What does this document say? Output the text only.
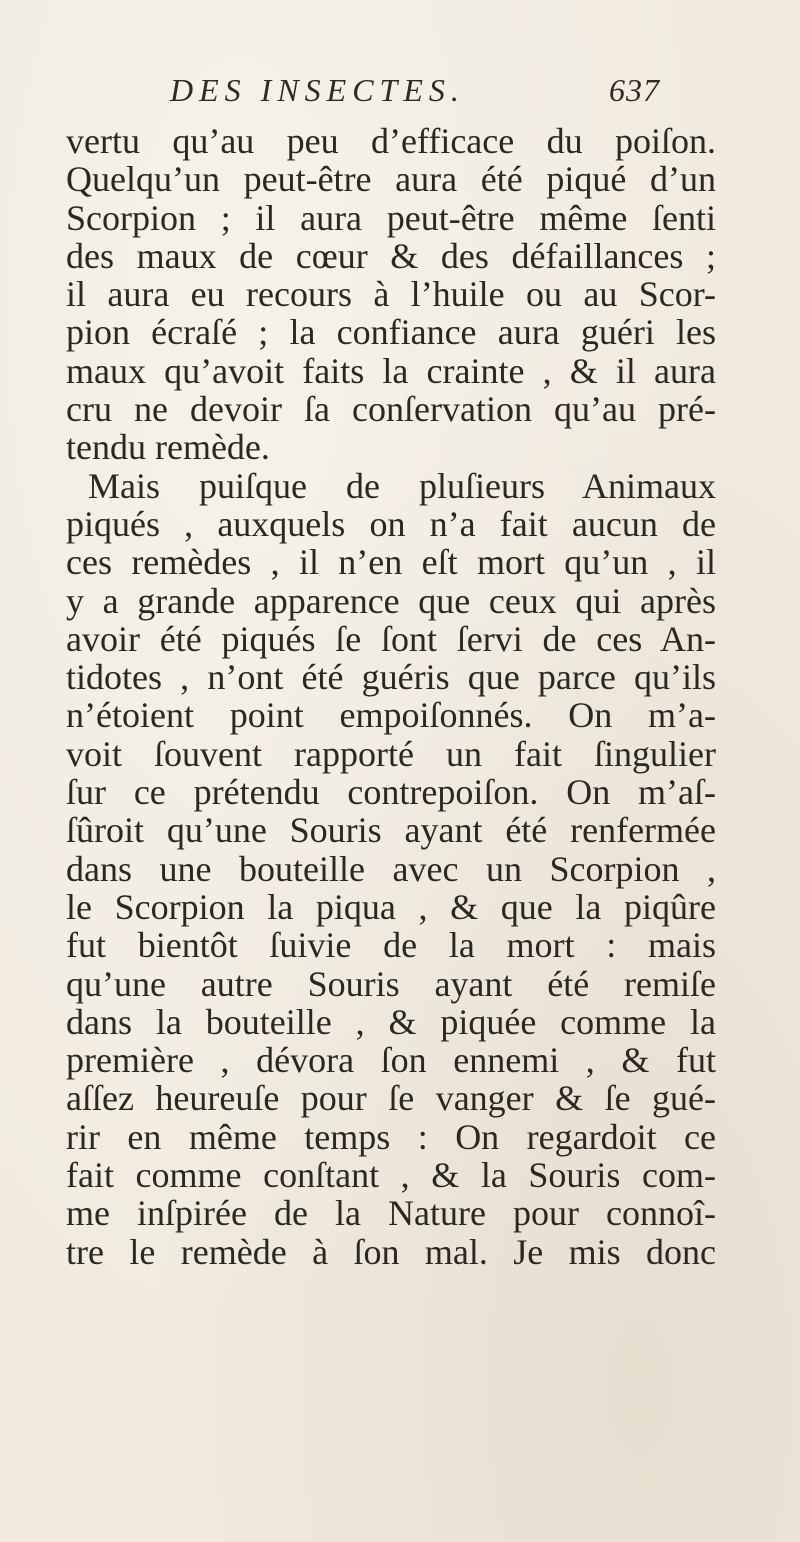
DES INSECTES.	637
vertu qu’au peu d’efficace du poiſon.
Quelqu’un peut-être aura été piqué d’un
Scorpion ; il aura peut-être même ſenti
des maux de cœur & des défaillances ;
il aura eu recours à l’huile ou au Scor-
pion écraſé ; la confiance aura guéri les
maux qu’avoit faits la crainte , & il aura
cru ne devoir ſa conſervation qu’au pré-
tendu remède.
Mais puiſque de pluſieurs Animaux
piqués , auxquels on n’a fait aucun de
ces remèdes , il n’en eſt mort qu’un , il
y a grande apparence que ceux qui après
avoir été piqués ſe ſont ſervi de ces An-
tidotes , n’ont été guéris que parce qu’ils
n’étoient point empoiſonnés. On m’a-
voit ſouvent rapporté un fait ſingulier
ſur ce prétendu contrepoiſon. On m’aſ-
ſûroit qu’une Souris ayant été renfermée
dans une bouteille avec un Scorpion ,
le Scorpion la piqua , & que la piqûre
fut bientôt ſuivie de la mort : mais
qu’une autre Souris ayant été remiſe
dans la bouteille , & piquée comme la
première , dévora ſon ennemi , & fut
aſſez heureuſe pour ſe vanger & ſe gué-
rir en même temps : On regardoit ce
fait comme conſtant , & la Souris com-
me inſpirée de la Nature pour connoî-
tre le remède à ſon mal. Je mis donc
